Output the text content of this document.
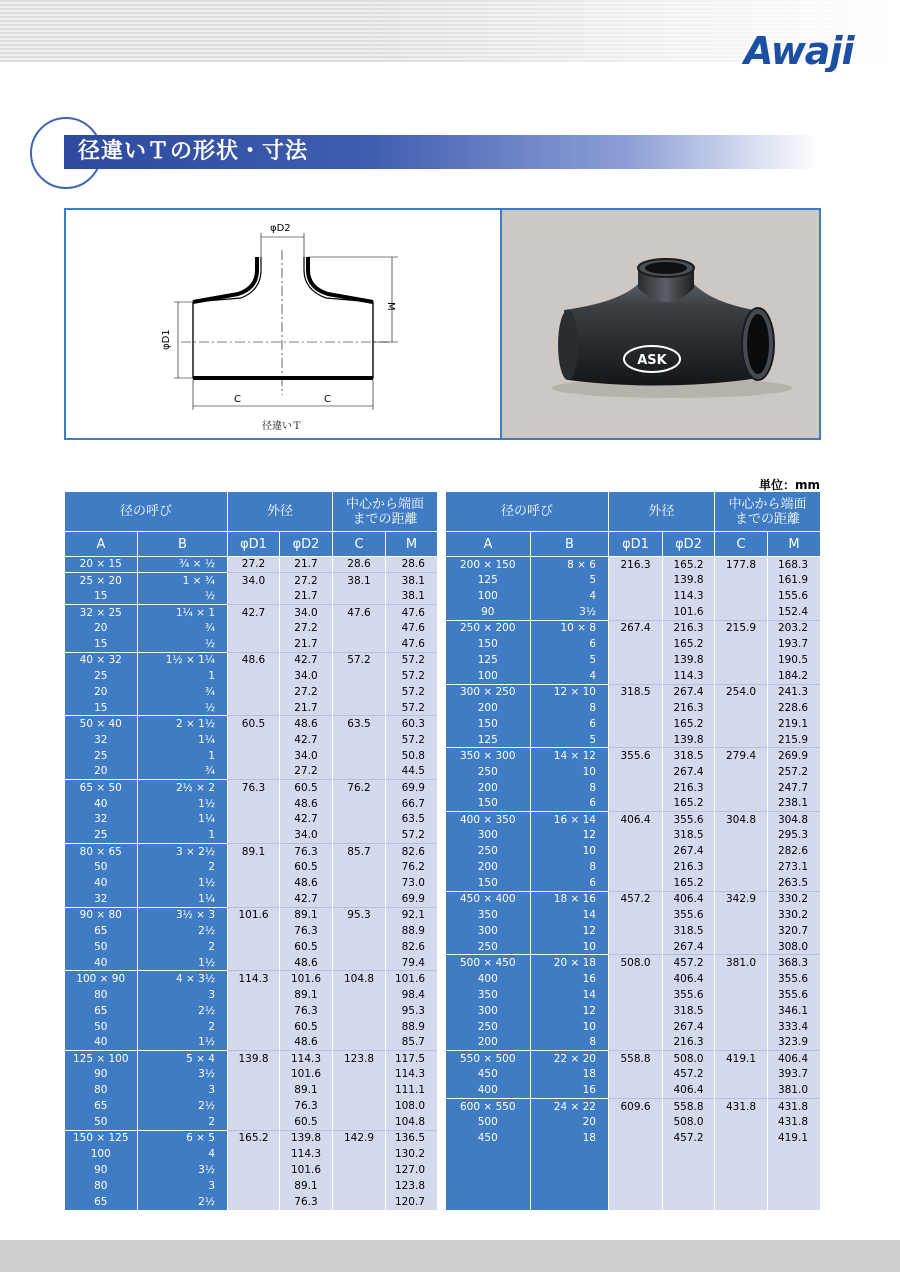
Awaji
径違いＴの形状・寸法
φD2
M
φD1
C	C
径違いＴ
ASK
単位：mm
径の呼び		外径		中心から端面
までの距離	

A	B	φD1	φD2	C	M
20 × 15	¾ × ½	27.2	21.7	28.6	28.6
25 × 20	1 × ¾	34.0	27.2	38.1	38.1
15	½		21.7		38.1
32 × 25	1¼ × 1	42.7	34.0	47.6	47.6
20	¾		27.2		47.6
15	½		21.7		47.6
40 × 32	1½ × 1¼	48.6	42.7	57.2	57.2
25	1		34.0		57.2
20	¾		27.2		57.2
15	½		21.7		57.2
50 × 40	2 × 1½	60.5	48.6	63.5	60.3
32	1¼		42.7		57.2
25	1		34.0		50.8
20	¾		27.2		44.5
65 × 50	2½ × 2	76.3	60.5	76.2	69.9
40	1½		48.6		66.7
32	1¼		42.7		63.5
25	1		34.0		57.2
80 × 65	3 × 2½	89.1	76.3	85.7	82.6
50	2		60.5		76.2
40	1½		48.6		73.0
32	1¼		42.7		69.9
90 × 80	3½ × 3	101.6	89.1	95.3	92.1
65	2½		76.3		88.9
50	2		60.5		82.6
40	1½		48.6		79.4
100 × 90	4 × 3½	114.3	101.6	104.8	101.6
80	3		89.1		98.4
65	2½		76.3		95.3
50	2		60.5		88.9
40	1½		48.6		85.7
125 × 100	5 × 4	139.8	114.3	123.8	117.5
90	3½		101.6		114.3
80	3		89.1		111.1
65	2½		76.3		108.0
50	2		60.5		104.8
150 × 125	6 × 5	165.2	139.8	142.9	136.5
100	4		114.3		130.2
90	3½		101.6		127.0
80	3		89.1		123.8
65	2½		76.3		120.7
径の呼び		外径		中心から端面
までの距離	

A	B	φD1	φD2	C	M
200 × 150	8 × 6	216.3	165.2	177.8	168.3
125	5		139.8		161.9
100	4		114.3		155.6
90	3½		101.6		152.4
250 × 200	10 × 8	267.4	216.3	215.9	203.2
150	6		165.2		193.7
125	5		139.8		190.5
100	4		114.3		184.2
300 × 250	12 × 10	318.5	267.4	254.0	241.3
200	8		216.3		228.6
150	6		165.2		219.1
125	5		139.8		215.9
350 × 300	14 × 12	355.6	318.5	279.4	269.9
250	10		267.4		257.2
200	8		216.3		247.7
150	6		165.2		238.1
400 × 350	16 × 14	406.4	355.6	304.8	304.8
300	12		318.5		295.3
250	10		267.4		282.6
200	8		216.3		273.1
150	6		165.2		263.5
450 × 400	18 × 16	457.2	406.4	342.9	330.2
350	14		355.6		330.2
300	12		318.5		320.7
250	10		267.4		308.0
500 × 450	20 × 18	508.0	457.2	381.0	368.3
400	16		406.4		355.6
350	14		355.6		355.6
300	12		318.5		346.1
250	10		267.4		333.4
200	8		216.3		323.9
550 × 500	22 × 20	558.8	508.0	419.1	406.4
450	18		457.2		393.7
400	16		406.4		381.0
600 × 550	24 × 22	609.6	558.8	431.8	431.8
500	20		508.0		431.8
450	18		457.2		419.1
